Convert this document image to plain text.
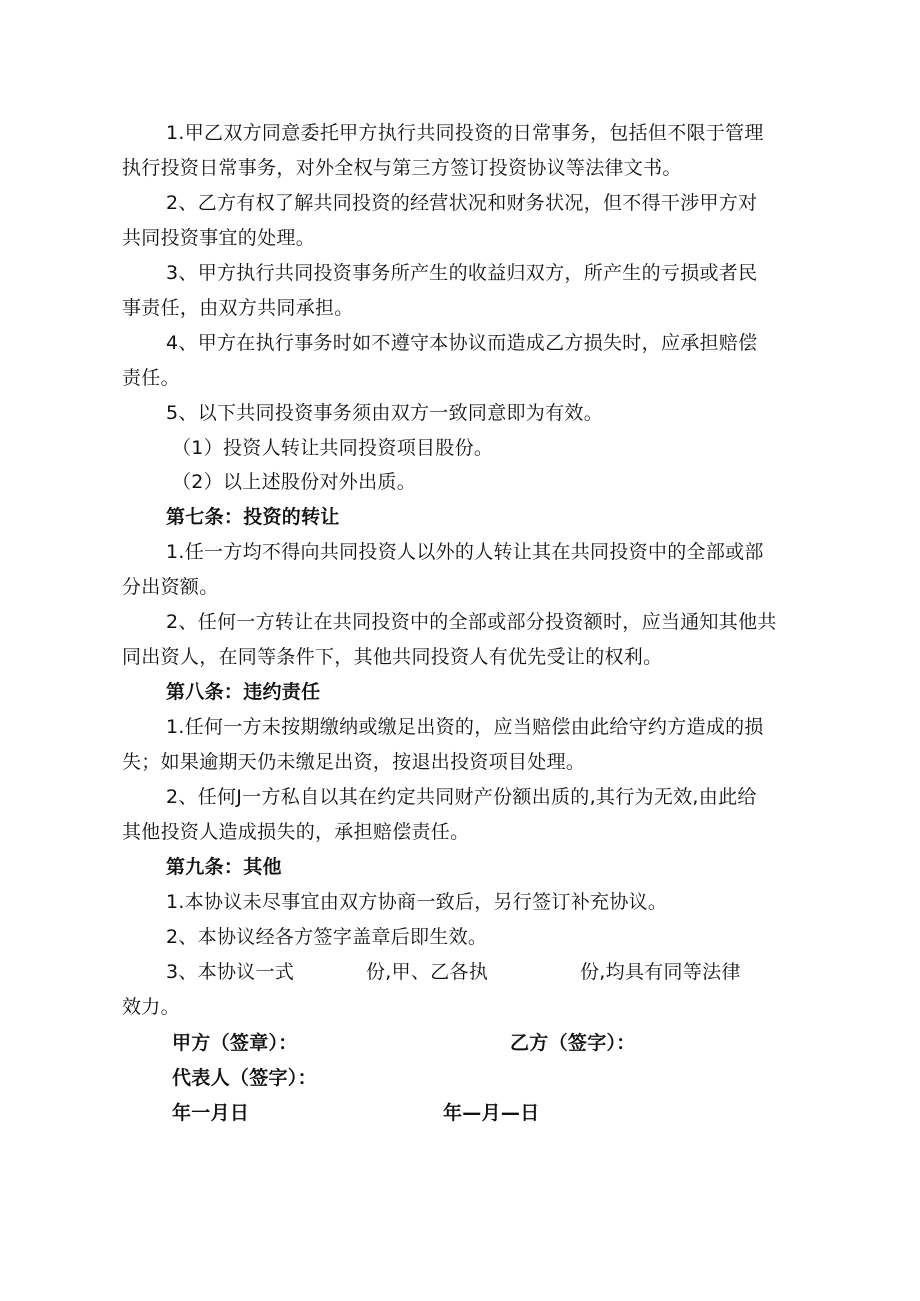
1.甲乙双方同意委托甲方执行共同投资的日常事务，包括但不限于管理
执行投资日常事务，对外全权与第三方签订投资协议等法律文书。
2、乙方有权了解共同投资的经营状况和财务状况，但不得干涉甲方对
共同投资事宜的处理。
3、甲方执行共同投资事务所产生的收益归双方，所产生的亏损或者民
事责任，由双方共同承担。
4、甲方在执行事务时如不遵守本协议而造成乙方损失时，应承担赔偿
责任。
5、以下共同投资事务须由双方一致同意即为有效。
（1）投资人转让共同投资项目股份。
（2）以上述股份对外出质。
第七条：投资的转让
1.任一方均不得向共同投资人以外的人转让其在共同投资中的全部或部
分出资额。
2、任何一方转让在共同投资中的全部或部分投资额时，应当通知其他共
同出资人，在同等条件下，其他共同投资人有优先受让的权利。
第八条：违约责任
1.任何一方未按期缴纳或缴足出资的，应当赔偿由此给守约方造成的损
失；如果逾期天仍未缴足出资，按退出投资项目处理。
2、任何J一方私自以其在约定共同财产份额出质的,其行为无效,由此给
其他投资人造成损失的，承担赔偿责任。
第九条：其他
1.本协议未尽事宜由双方协商一致后，另行签订补充协议。
2、本协议经各方签字盖章后即生效。
3、本协议一式	份,甲、乙各执	份,均具有同等法律
效力。
甲方（签章）：	乙方（签字）：
代表人（签字）：
年一月日	年—月—日
